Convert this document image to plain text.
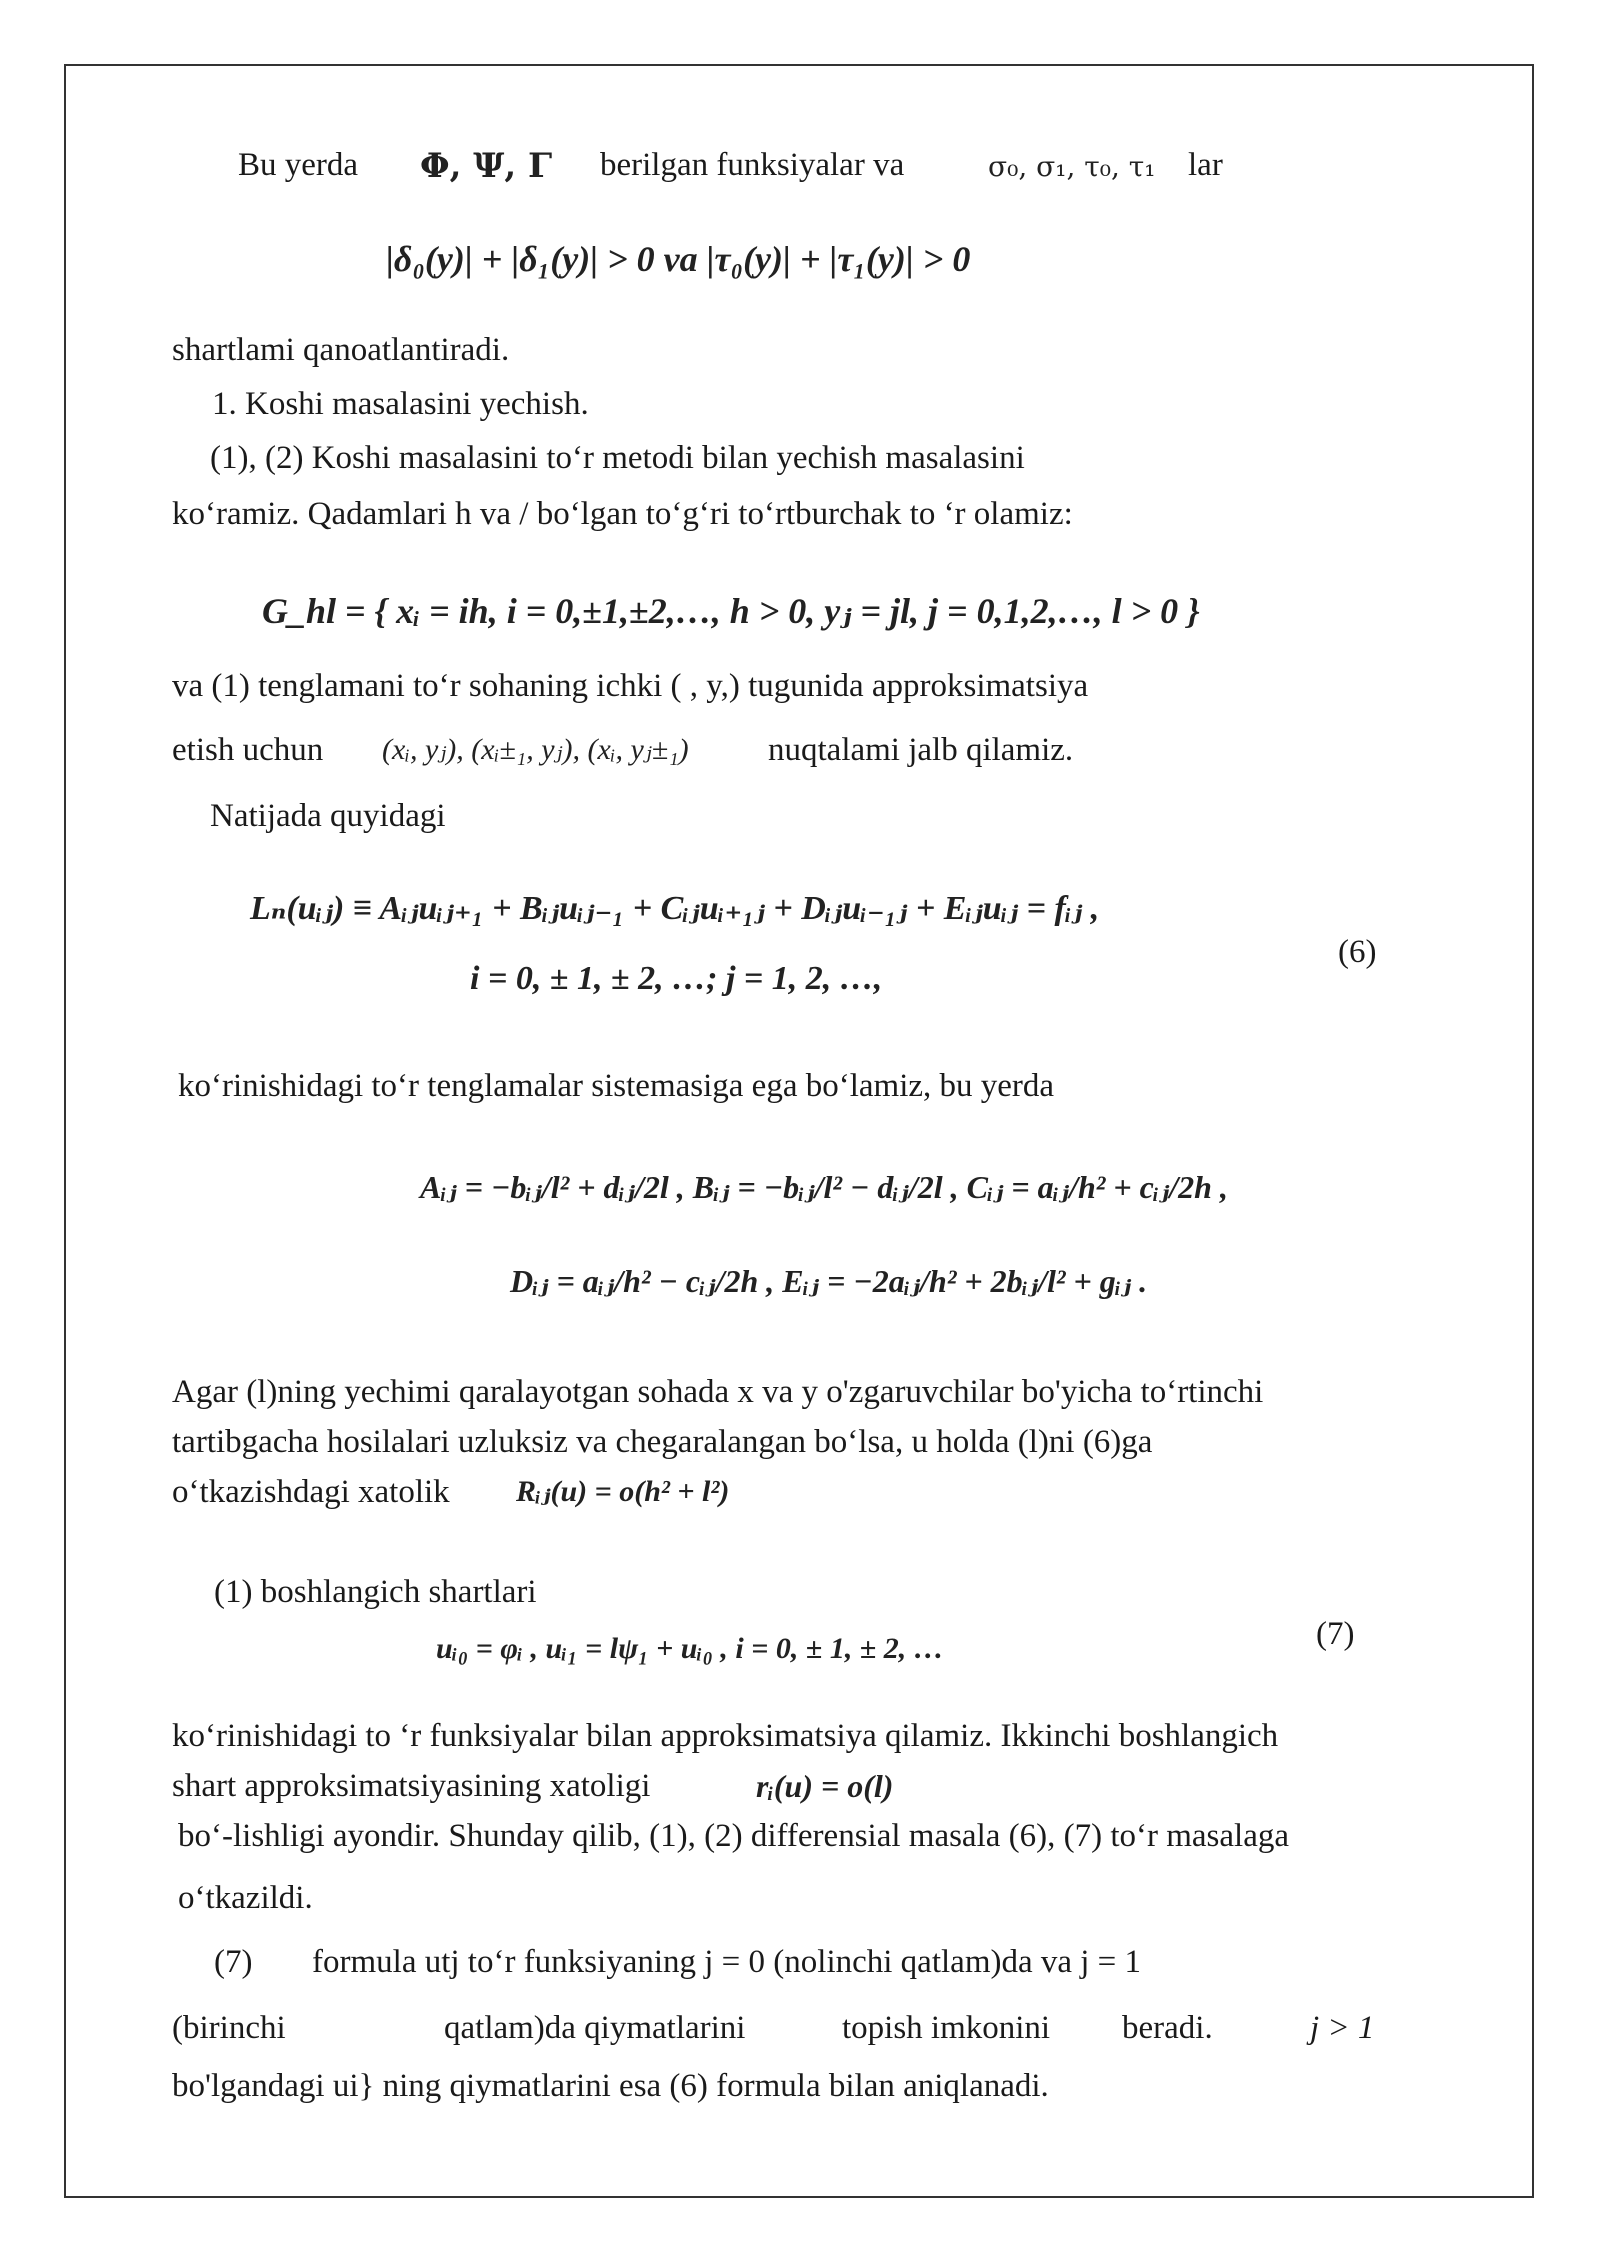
Bu yerda Φ, Ψ, Γ berilgan funksiyalar va	σ₀, σ₁, τ₀, τ₁ lar
|δ₀(y)| + |δ₁(y)| > 0 va |τ₀(y)| + |τ₁(y)| > 0
shartlami qanoatlantiradi.
1. Koshi masalasini yechish.
(1), (2) Koshi masalasini to‘r metodi bilan yechish masalasini
ko‘ramiz. Qadamlari h va / bo‘lgan to‘g‘ri to‘rtburchak to ‘r olamiz:
G_hl = { xᵢ = ih, i = 0,±1,±2,…, h > 0, yⱼ = jl, j = 0,1,2,…, l > 0 }
va (1) tenglamani to‘r sohaning ichki ( , y,) tugunida approksimatsiya
etish uchun (xᵢ, yⱼ), (xᵢ±₁, yⱼ), (xᵢ, yⱼ±₁) nuqtalami jalb qilamiz.
Natijada quyidagi
Lₙ(uᵢⱼ) ≡ Aᵢⱼuᵢⱼ₊₁ + Bᵢⱼuᵢⱼ₋₁ + Cᵢⱼuᵢ₊₁ⱼ + Dᵢⱼuᵢ₋₁ⱼ + Eᵢⱼuᵢⱼ = fᵢⱼ ,
i = 0, ± 1, ± 2, …; j = 1, 2, …,
(6)
ko‘rinishidagi to‘r tenglamalar sistemasiga ega bo‘lamiz, bu yerda
Aᵢⱼ = −bᵢⱼ/l² + dᵢⱼ/2l , Bᵢⱼ = −bᵢⱼ/l² − dᵢⱼ/2l , Cᵢⱼ = aᵢⱼ/h² + cᵢⱼ/2h ,
Dᵢⱼ = aᵢⱼ/h² − cᵢⱼ/2h , Eᵢⱼ = −2aᵢⱼ/h² + 2bᵢⱼ/l² + gᵢⱼ .
Agar (l)ning yechimi qaralayotgan sohada x va y o'zgaruvchilar bo'yicha to‘rtinchi
tartibgacha hosilalari uzluksiz va chegaralangan bo‘lsa, u holda (l)ni (6)ga
o‘tkazishdagi xatolik Rᵢⱼ(u) = o(h² + l²)
(1) boshlangich shartlari
uᵢ₀ = φᵢ , uᵢ₁ = lψ₁ + uᵢ₀ , i = 0, ± 1, ± 2, …	(7)
ko‘rinishidagi to ‘r funksiyalar bilan approksimatsiya qilamiz. Ikkinchi boshlangich
shart approksimatsiyasining xatoligi	rᵢ(u) = o(l)
bo‘-lishligi ayondir. Shunday qilib, (1), (2) differensial masala (6), (7) to‘r masalaga
o‘tkazildi.
(7) formula utj to‘r funksiyaning j = 0 (nolinchi qatlam)da va j = 1
(birinchi	qatlam)da qiymatlarini	topish imkonini beradi.	j > 1
bo'lgandagi ui} ning qiymatlarini esa (6) formula bilan aniqlanadi.
